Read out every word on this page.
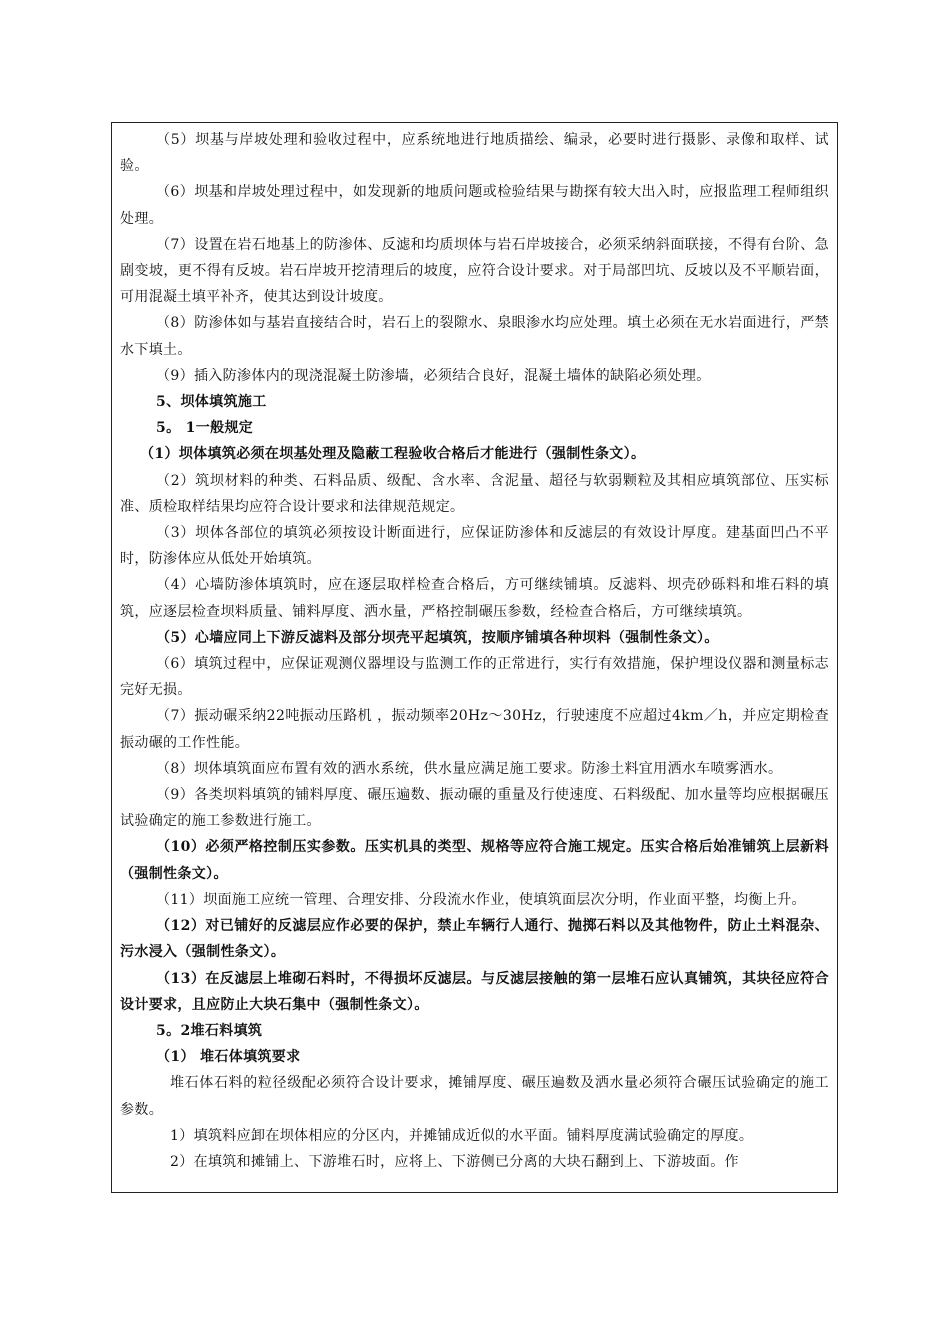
（5）坝基与岸坡处理和验收过程中，应系统地进行地质描绘、编录，必要时进行摄影、录像和取样、试验。

（6）坝基和岸坡处理过程中，如发现新的地质问题或检验结果与勘探有较大出入时，应报监理工程师组织处理。

（7）设置在岩石地基上的防渗体、反滤和均质坝体与岩石岸坡接合，必须采纳斜面联接，不得有台阶、急剧变坡，更不得有反坡。岩石岸坡开挖清理后的坡度，应符合设计要求。对于局部凹坑、反坡以及不平顺岩面，可用混凝土填平补齐，使其达到设计坡度。

（8）防渗体如与基岩直接结合时，岩石上的裂隙水、泉眼渗水均应处理。填土必须在无水岩面进行，严禁水下填土。

（9）插入防渗体内的现浇混凝土防渗墙，必须结合良好，混凝土墙体的缺陷必须处理。

5、坝体填筑施工

5。 1一般规定

（1）坝体填筑必须在坝基处理及隐蔽工程验收合格后才能进行（强制性条文）。

（2）筑坝材料的种类、石料品质、级配、含水率、含泥量、超径与软弱颗粒及其相应填筑部位、压实标准、质检取样结果均应符合设计要求和法律规范规定。

（3）坝体各部位的填筑必须按设计断面进行，应保证防渗体和反滤层的有效设计厚度。建基面凹凸不平 时，防渗体应从低处开始填筑。

（4）心墙防渗体填筑时，应在逐层取样检查合格后，方可继续铺填。反滤料、坝壳砂砾料和堆石料的填筑，应逐层检查坝料质量、铺料厚度、洒水量，严格控制碾压参数，经检查合格后，方可继续填筑。

（5）心墙应同上下游反滤料及部分坝壳平起填筑，按顺序铺填各种坝料（强制性条文）。

（6）填筑过程中，应保证观测仪器埋设与监测工作的正常进行，实行有效措施，保护埋设仪器和测量标志完好无损。

（7）振动碾采纳22吨振动压路机 ，振动频率20Hz～30Hz，行驶速度不应超过4km／h，并应定期检查振动碾的工作性能。

（8）坝体填筑面应布置有效的洒水系统，供水量应满足施工要求。防渗土料宜用洒水车喷雾洒水。

（9）各类坝料填筑的铺料厚度、碾压遍数、振动碾的重量及行使速度、石料级配、加水量等均应根据碾压试验确定的施工参数进行施工。

（10）必须严格控制压实参数。压实机具的类型、规格等应符合施工规定。压实合格后始准铺筑上层新料（强制性条文）。

（11）坝面施工应统一管理、合理安排、分段流水作业，使填筑面层次分明，作业面平整，均衡上升。

（12）对已铺好的反滤层应作必要的保护，禁止车辆行人通行、抛掷石料以及其他物件，防止土料混杂、污水浸入（强制性条文）。

（13）在反滤层上堆砌石料时，不得损坏反滤层。与反滤层接触的第一层堆石应认真铺筑，其块径应符合设计要求，且应防止大块石集中（强制性条文）。

5。2堆石料填筑

（1） 堆石体填筑要求

堆石体石料的粒径级配必须符合设计要求，摊铺厚度、碾压遍数及洒水量必须符合碾压试验确定的施工参数。

1）填筑料应卸在坝体相应的分区内，并摊铺成近似的水平面。铺料厚度满试验确定的厚度。

2）在填筑和摊铺上、下游堆石时，应将上、下游侧已分离的大块石翻到上、下游坡面。作
